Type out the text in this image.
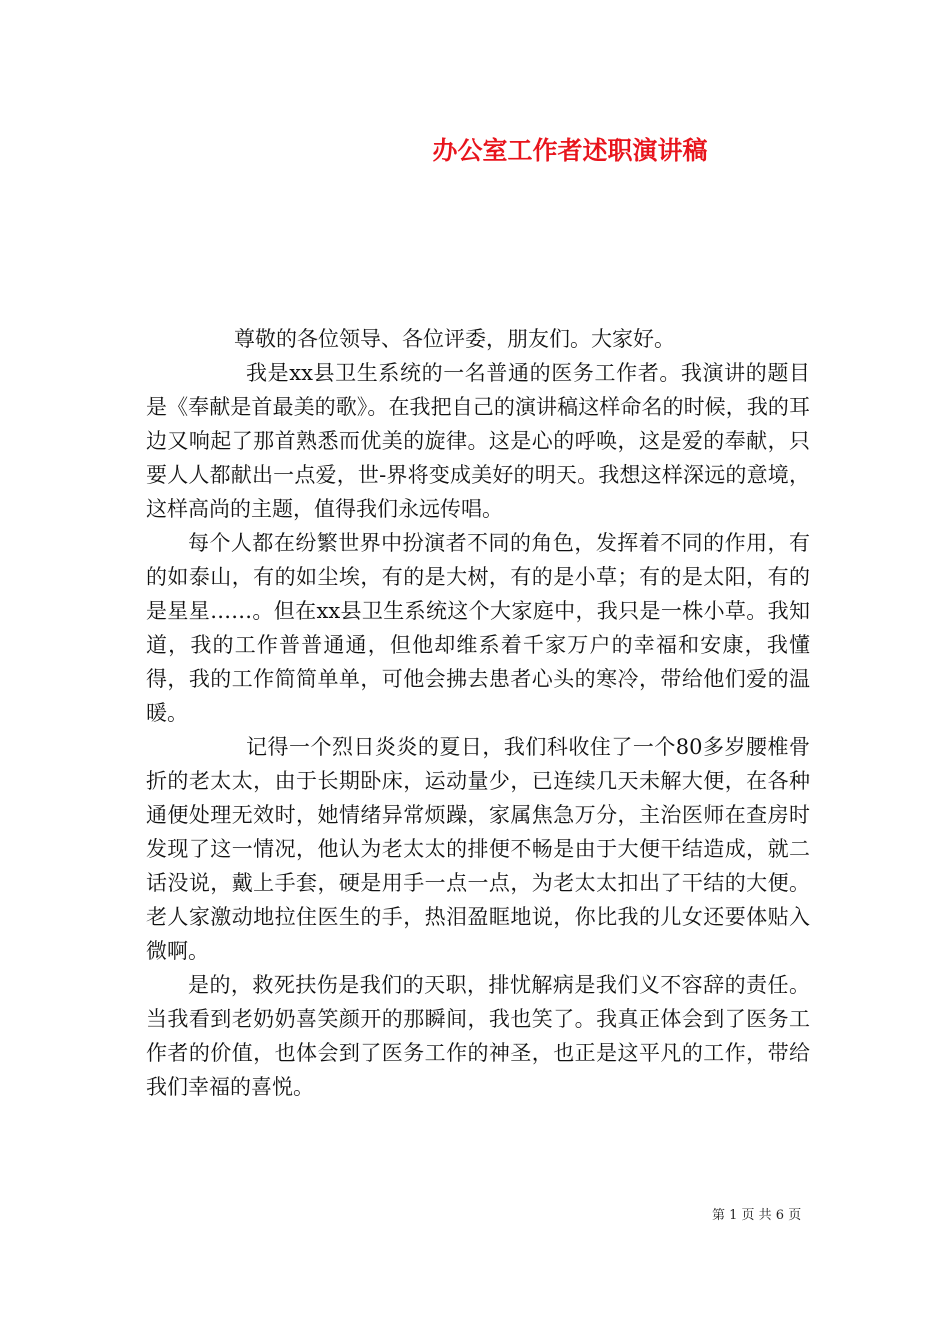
办公室工作者述职演讲稿

尊敬的各位领导、各位评委，朋友们。大家好。

我是xx县卫生系统的一名普通的医务工作者。我演讲的题目是《奉献是首最美的歌》。在我把自己的演讲稿这样命名的时候，我的耳边又响起了那首熟悉而优美的旋律。这是心的呼唤，这是爱的奉献，只要人人都献出一点爱，世-界将变成美好的明天。我想这样深远的意境，这样高尚的主题，值得我们永远传唱。

每个人都在纷繁世界中扮演者不同的角色，发挥着不同的作用，有的如泰山，有的如尘埃，有的是大树，有的是小草；有的是太阳，有的是星星……。但在xx县卫生系统这个大家庭中，我只是一株小草。我知道，我的工作普普通通，但他却维系着千家万户的幸福和安康，我懂得，我的工作简简单单，可他会拂去患者心头的寒冷，带给他们爱的温暖。

记得一个烈日炎炎的夏日，我们科收住了一个80多岁腰椎骨折的老太太，由于长期卧床，运动量少，已连续几天未解大便，在各种通便处理无效时，她情绪异常烦躁，家属焦急万分，主治医师在查房时发现了这一情况，他认为老太太的排便不畅是由于大便干结造成，就二话没说，戴上手套，硬是用手一点一点，为老太太扣出了干结的大便。老人家激动地拉住医生的手，热泪盈眶地说，你比我的儿女还要体贴入微啊。

是的，救死扶伤是我们的天职，排忧解病是我们义不容辞的责任。当我看到老奶奶喜笑颜开的那瞬间，我也笑了。我真正体会到了医务工作者的价值，也体会到了医务工作的神圣，也正是这平凡的工作，带给我们幸福的喜悦。

第 1 页 共 6 页
